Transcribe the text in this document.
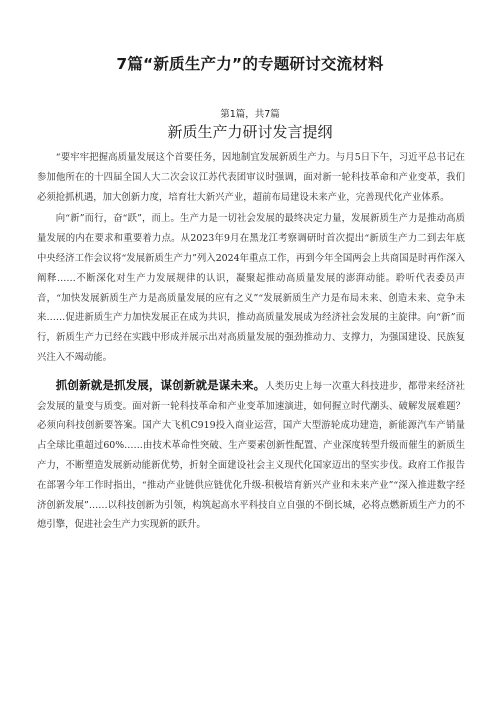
7篇“新质生产力”的专题研讨交流材料
第1篇，共7篇
新质生产力研讨发言提纲

“要牢牢把握高质量发展这个首要任务，因地制宜发展新质生产力。与月5日下午，习近平总书记在参加他所在的十四届全国人大二次会议江苏代表团审议时强调，面对新一轮科技革命和产业变革，我们必须抢抓机遇，加大创新力度，培育壮大新兴产业，超前布局建设未来产业，完善现代化产业体系。

向“新”而行，奋“跃”，而上。生产力是一切社会发展的最终决定力量，发展新质生产力是推动高质量发展的内在要求和重要着力点。从2023年9月在黑龙江考察调研时首次提出“新质生产力二到去年底中央经济工作会议将“发展新质生产力”列入2024年重点工作，再到今年全国两会上共商国是时再作深入阐释……不断深化对生产力发展规律的认识，凝聚起推动高质量发展的澎湃动能。聆听代表委员声音，“加快发展新质生产力是高质量发展的应有之义”“发展新质生产力是布局未来、创造未来、竞争未来……促进新质生产力加快发展正在成为共识，推动高质量发展成为经济社会发展的主旋律。向“新”而行，新质生产力已经在实践中形成并展示出对高质量发展的强劲推动力、支撑力，为强国建设、民族复兴注入不竭动能。

抓创新就是抓发展，谋创新就是谋未来。人类历史上每一次重大科技进步，都带来经济社会发展的量变与质变。面对新一轮科技革命和产业变革加速演进，如何握立时代潮头、破解发展难题？必须向科技创新要答案。国产大飞机C919投入商业运营，国产大型游轮成功建造，新能源汽车产销量占全球比重超过60%……由技术革命性突破、生产要素创新性配置、产业深度转型升级而催生的新质生产力，不断塑造发展新动能新优势，折射全面建设社会主义现代化国家迈出的坚实步伐。政府工作报告在部署今年工作时指出，“推动产业链供应链优化升级-积极培育新兴产业和未来产业”“深入推进数字经济创新发展”……以科技创新为引领，构筑起高水平科技自立自强的不倒长城，必将点燃新质生产力的不熄引擎，促进社会生产力实现新的跃升。
